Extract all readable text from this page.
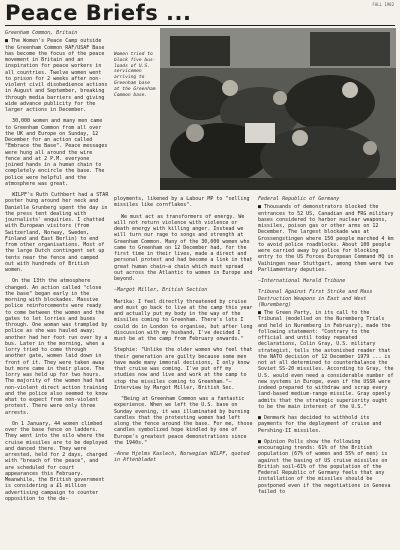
Peace Briefs ...	FALL 1982

Greenham Common, Britain

■ The Women's Peace Camp outside the Greenham Common RAF/USAF Base has become the focus of the peace movement in Britain and an inspiration for peace workers in all countries. Twelve women went to prison for 2 weeks after non-violent civil disobedience actions in August and September, breaking through media barriers and giving wide advance publicity for the larger actions in December.

30,000 women and many men came to Greenham Common from all over the UK and Europe on Sunday, 12 December for an action called "Embrace the Base". Peace messages were hung all around the wire fence and at 2 P.M. everyone joined hands in a human chain to completely encircle the base. The police were helpful and the atmosphere was great.

WILPF's Ruth Cuthbert had a STAR poster hung around her neck and Danielle Grunberg spent the day in the press tent dealing with journalists' enquiries. I chatted with European visitors (from Switzerland, Norway, Sweden, Finland and East Berlin) to end from other organisations. Most of the large Dutch contingent set up tents near the fence and camped out with hundreds of British women.

On the 13th the atmosphere changed. An action called "close the base" began early in the morning with blockades. Massive police reinforcements were ready to come between the women and the gates to let lorries and buses through. One woman was trampled by police as she was hauled away; another had her foot run over by a bus. Later in the morning, when a lorry tried to come through another gate, women laid down in front of it. They were taken away but more came in their place. The lorry was held up for two hours. The majority of the women had had non-violent direct action training and the police also seemed to know what to expect from non-violent protest. There were only three arrests.

On 1 January, 44 women climbed over the base fence on ladders. They went into the silo where the cruise missiles are to be deployed and danced there. They were arrested, held for 2 days, charged with "breach of the peace", and are scheduled for court appearances this February. Meanwhile, the British government is considering a £1 million advertising campaign to counter opposition to the de-

Women tried to block five bus-loads of U.S. servicemen arriving to Greenham base at the Greenham Common base.

ployments, likened by a Labour MP to "selling missiles like cornflakes".

We must act as transformers of energy. We will not return violence with violence or death energy with killing anger. Instead we will turn our rage to songs and strength at Greenham Common. Many of the 30,000 women who came to Greenham on 12 December had, for the first time in their lives, made a direct and personal protest and had become a link in that great human chain—a chain which must spread out across the Atlantic to women in Europe and beyond.

—Margot Miller, British Section

Marika: I feel directly threatened by cruise and must go back to live at the camp this year and actually put my body in the way of the missiles coming to Greenham. There's lots I could do in London to organise, but after long discussion with my husband, I've decided I must be at the camp from February onwards."

Stephie: "Unlike the older women who feel that their generation are guilty because some men have made many immoral decisions, I only know that cruise was coming. I've put off my studies now and live and work at the camp to stop the missiles coming to Greenham."—Interview by Margot Miller, British Sec.

"Being at Greenham Common was a fantastic experience. When we left the U.S. base on Sunday evening, it was illuminated by burning candles that the protesting women had left along the fence around the base. For me, those candles symbolized hope kindled by one of Europe's greatest peace demonstrations since the 1940s."

—Anne Hjelms Kaslech, Norwegian WILPF, quoted in Aftenbladet

Federal Republic of Germany

■ Thousands of demonstrators blocked the entrances to 52 US, Canadian and FRG military bases considered to harbor nuclear weapons, missiles, poison gas or other arms on 12 December. The largest blockade was at Grossengstingen where 150 people marched 4 km to avoid police roadblocks. About 100 people were carried away by police for blocking entry to the US Forces European Command HQ in Vaihingen near Stuttgart, among them were two Parliamentary deputies.

—International Herald Tribune

Tribunal Against First Strike and Mass Destruction Weapons in East and West (Nuremberg)

■ The Green Party, in its call to the Tribunal (modelled on the Nuremberg Trials and held in Nuremberg in February), made the following statement: "Contrary to the official and until today repeated declarations, Colin Gray, U.S. military strategist, tells the astonished reader that the NATO decision of 12 December 1979 ... is not at all determined to counterbalance the Soviet SS-20 missiles. According to Gray, the U.S. would even need a considerable number of new systems in Europe, even if the USSR were indeed prepared to withdraw and scrap every land-based medium-range missile. Gray openly admits that the strategic superiority ought to be the main interest of the U.S."

■ Denmark has decided to withhold its payments for the deployment of cruise and Pershing-II missiles.

■ Opinion Polls show the following encouraging trends: 61% of the British population (67% of women and 55% of men) is against the basing of US cruise missiles on British soil—61% of the population of the Federal Republic of Germany feels that any installation of the missiles should be postponed even if the negotiations in Geneva failed to
